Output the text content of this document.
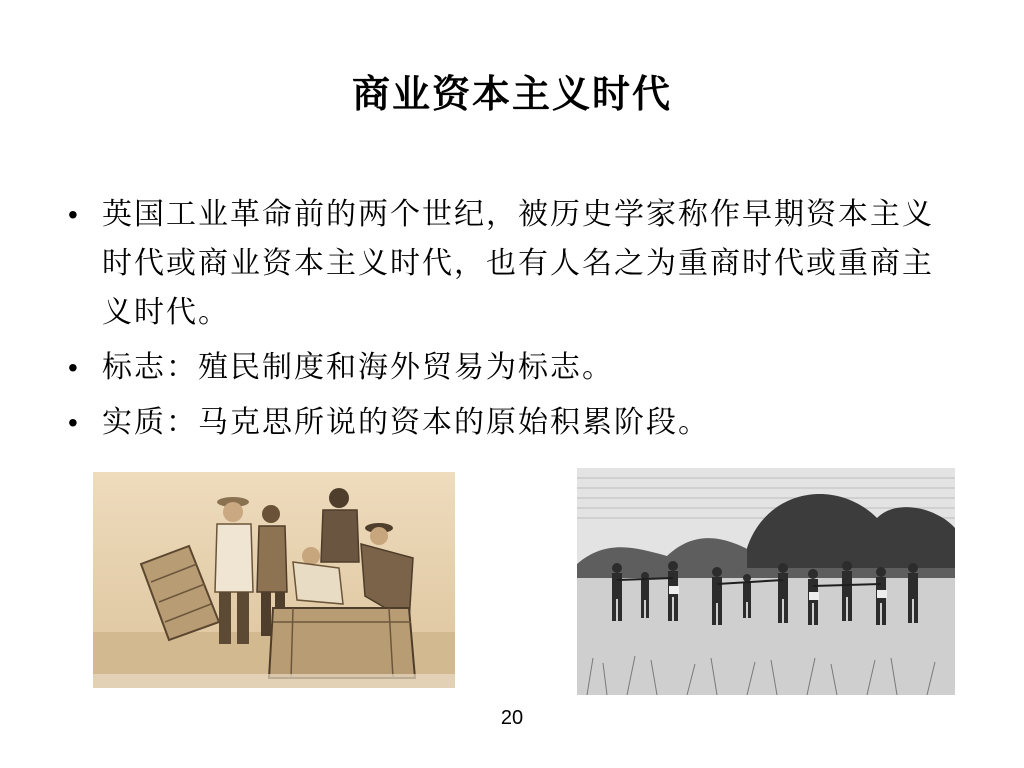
商业资本主义时代
• 英国工业革命前的两个世纪，被历史学家称作早期资本主义时代或商业资本主义时代，也有人名之为重商时代或重商主义时代。
• 标志：殖民制度和海外贸易为标志。
• 实质：马克思所说的资本的原始积累阶段。
20
